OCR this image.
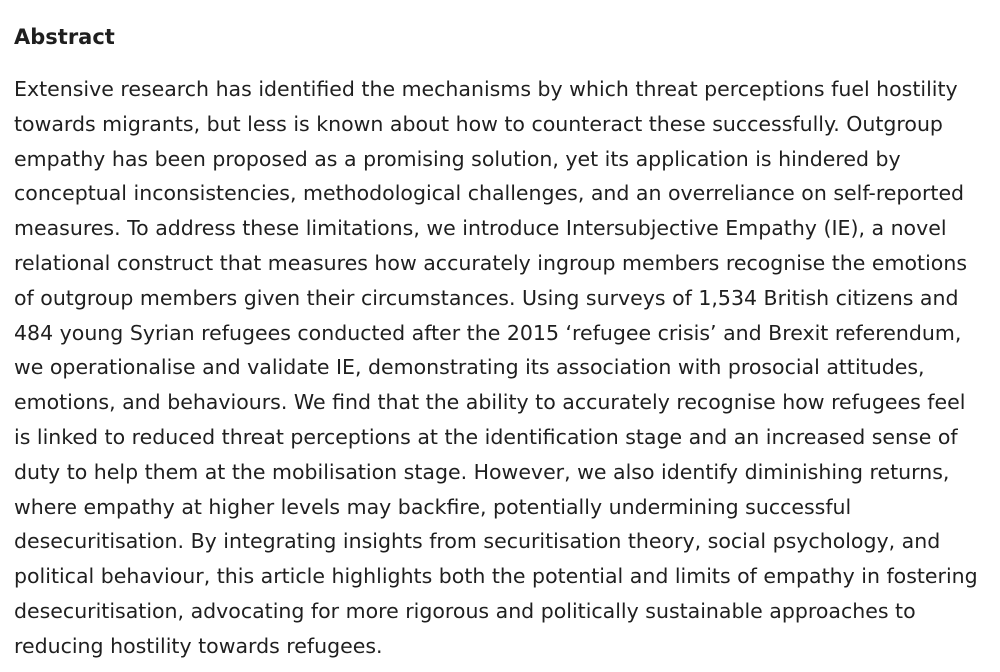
Abstract

Extensive research has identified the mechanisms by which threat perceptions fuel hostility towards migrants, but less is known about how to counteract these successfully. Outgroup empathy has been proposed as a promising solution, yet its application is hindered by conceptual inconsistencies, methodological challenges, and an overreliance on self-reported measures. To address these limitations, we introduce Intersubjective Empathy (IE), a novel relational construct that measures how accurately ingroup members recognise the emotions of outgroup members given their circumstances. Using surveys of 1,534 British citizens and 484 young Syrian refugees conducted after the 2015 ‘refugee crisis’ and Brexit referendum, we operationalise and validate IE, demonstrating its association with prosocial attitudes, emotions, and behaviours. We find that the ability to accurately recognise how refugees feel is linked to reduced threat perceptions at the identification stage and an increased sense of duty to help them at the mobilisation stage. However, we also identify diminishing returns, where empathy at higher levels may backfire, potentially undermining successful desecuritisation. By integrating insights from securitisation theory, social psychology, and political behaviour, this article highlights both the potential and limits of empathy in fostering desecuritisation, advocating for more rigorous and politically sustainable approaches to reducing hostility towards refugees.
